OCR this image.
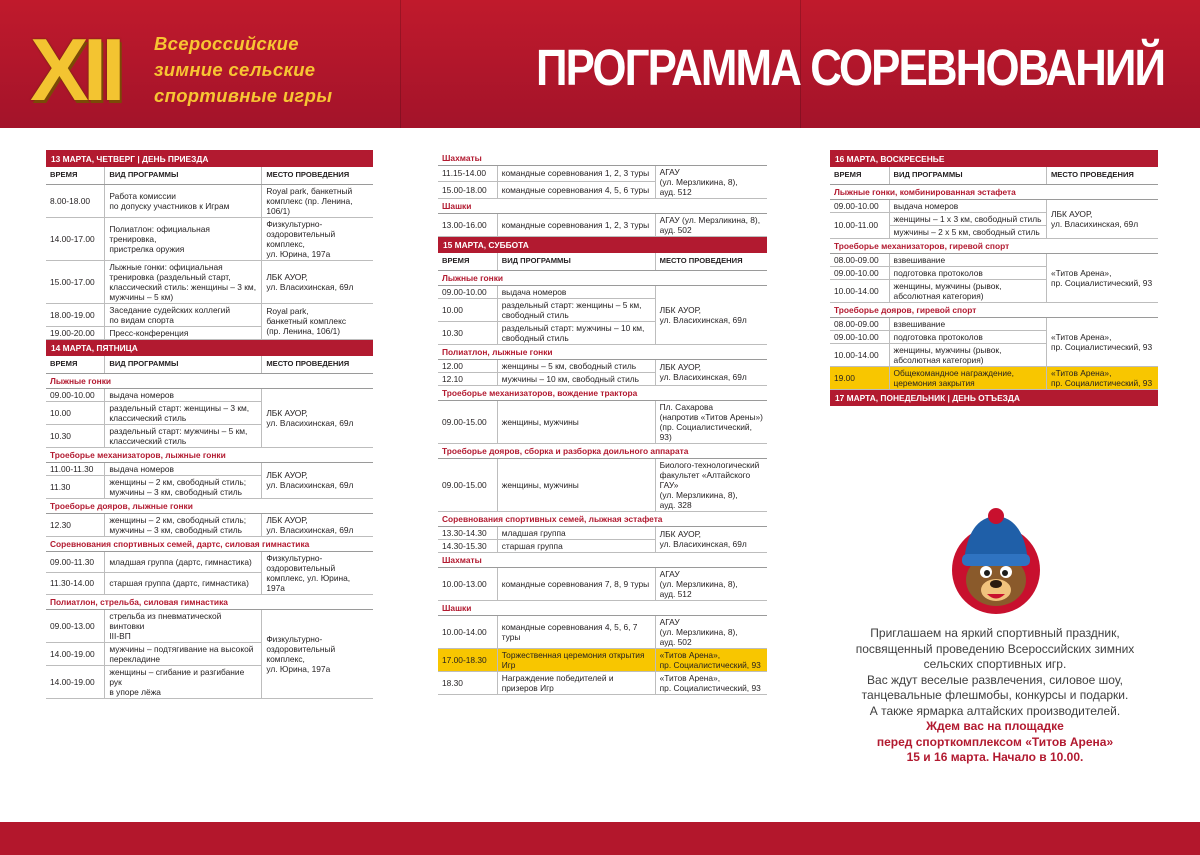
XII	Всероссийские
зимние сельские
спортивные игры	ПРОГРАММА СОРЕВНОВАНИЙ
13 МАРТА, ЧЕТВЕРГ | ДЕНЬ ПРИЕЗДА		
ВРЕМЯ	ВИД ПРОГРАММЫ	МЕСТО ПРОВЕДЕНИЯ
8.00-18.00	Работа комиссии
по допуску участников к Играм	Royal park, банкетный
комплекс (пр. Ленина, 106/1)
14.00-17.00	Полиатлон: официальная тренировка,
пристрелка оружия	Физкультурно-
оздоровительный
комплекс,
ул. Юрина, 197а
15.00-17.00	Лыжные гонки: официальная
тренировка (раздельный старт,
классический стиль: женщины – 3 км,
мужчины – 5 км)	ЛБК АУОР,
ул. Власихинская, 69л
18.00-19.00	Заседание судейских коллегий
по видам спорта	Royal park,
банкетный комплекс
(пр. Ленина, 106/1)
19.00-20.00	Пресс-конференция	
14 МАРТА, ПЯТНИЦА		
ВРЕМЯ	ВИД ПРОГРАММЫ	МЕСТО ПРОВЕДЕНИЯ
Лыжные гонки		
09.00-10.00	выдача номеров	ЛБК АУОР,
ул. Власихинская, 69л
10.00	раздельный старт: женщины – 3 км,
классический стиль	
10.30	раздельный старт: мужчины – 5 км,
классический стиль	
Троеборье механизаторов, лыжные гонки		
11.00-11.30	выдача номеров	ЛБК АУОР,
ул. Власихинская, 69л
11.30	женщины – 2 км, свободный стиль;
мужчины – 3 км, свободный стиль	
Троеборье дояров, лыжные гонки		
12.30	женщины – 2 км, свободный стиль;
мужчины – 3 км, свободный стиль	ЛБК АУОР,
ул. Власихинская, 69л
Соревнования спортивных семей, дартс, силовая гимнастика		
09.00-11.30	младшая группа (дартс, гимнастика)	Физкультурно-
оздоровительный
комплекс, ул. Юрина, 197а
11.30-14.00	старшая группа (дартс, гимнастика)	
Полиатлон, стрельба, силовая гимнастика		
09.00-13.00	стрельба из пневматической винтовки
III-ВП	Физкультурно-
оздоровительный
комплекс,
ул. Юрина, 197а
14.00-19.00	мужчины – подтягивание на высокой
перекладине	
14.00-19.00	женщины – сгибание и разгибание рук
в упоре лёжа	
Шахматы		
11.15-14.00	командные соревнования 1, 2, 3 туры	АГАУ
(ул. Мерзликина, 8),
ауд. 512
15.00-18.00	командные соревнования 4, 5, 6 туры	
Шашки		
13.00-16.00	командные соревнования 1, 2, 3 туры	АГАУ (ул. Мерзликина, 8),
ауд. 502
15 МАРТА, СУББОТА		
ВРЕМЯ	ВИД ПРОГРАММЫ	МЕСТО ПРОВЕДЕНИЯ
Лыжные гонки		
09.00-10.00	выдача номеров	ЛБК АУОР,
ул. Власихинская, 69л
10.00	раздельный старт: женщины – 5 км,
свободный стиль	
10.30	раздельный старт: мужчины – 10 км,
свободный стиль	
Полиатлон, лыжные гонки		
12.00	женщины – 5 км, свободный стиль	ЛБК АУОР,
ул. Власихинская, 69л
12.10	мужчины – 10 км, свободный стиль	
Троеборье механизаторов, вождение трактора		
09.00-15.00	женщины, мужчины	Пл. Сахарова
(напротив «Титов Арены»)
(пр. Социалистический, 93)
Троеборье дояров, сборка и разборка доильного аппарата		
09.00-15.00	женщины, мужчины	Биолого-технологический
факультет «Алтайского ГАУ»
(ул. Мерзликина, 8),
ауд. 328
Соревнования спортивных семей, лыжная эстафета		
13.30-14.30	младшая группа	ЛБК АУОР,
ул. Власихинская, 69л
14.30-15.30	старшая группа	
Шахматы		
10.00-13.00	командные соревнования 7, 8, 9 туры	АГАУ
(ул. Мерзликина, 8),
ауд. 512
Шашки		
10.00-14.00	командные соревнования 4, 5, 6, 7 туры	АГАУ
(ул. Мерзликина, 8),
ауд. 502
17.00-18.30	Торжественная церемония открытия Игр	«Титов Арена»,
пр. Социалистический, 93
18.30	Награждение победителей и призеров Игр	«Титов Арена»,
пр. Социалистический, 93
16 МАРТА, ВОСКРЕСЕНЬЕ		
ВРЕМЯ	ВИД ПРОГРАММЫ	МЕСТО ПРОВЕДЕНИЯ
Лыжные гонки, комбинированная эстафета		
09.00-10.00	выдача номеров	ЛБК АУОР,
ул. Власихинская, 69л
10.00-11.00	женщины – 1 х 3 км, свободный стиль	
	мужчины – 2 х 5 км, свободный стиль	
Троеборье механизаторов, гиревой спорт		
08.00-09.00	взвешивание	«Титов Арена»,
пр. Социалистический, 93
09.00-10.00	подготовка протоколов	
10.00-14.00	женщины, мужчины (рывок,
абсолютная категория)	
Троеборье дояров, гиревой спорт		
08.00-09.00	взвешивание	«Титов Арена»,
пр. Социалистический, 93
09.00-10.00	подготовка протоколов	
10.00-14.00	женщины, мужчины (рывок,
абсолютная категория)	
19.00	Общекомандное награждение,
церемония закрытия	«Титов Арена»,
пр. Социалистический, 93
17 МАРТА, ПОНЕДЕЛЬНИК | ДЕНЬ ОТЪЕЗДА		
Приглашаем на яркий спортивный праздник,
посвященный проведению Всероссийских зимних
сельских спортивных игр.
Вас ждут веселые развлечения, силовое шоу,
танцевальные флешмобы, конкурсы и подарки.
А также ярмарка алтайских производителей.
Ждем вас на площадке
перед спорткомплексом «Титов Арена»
15 и 16 марта. Начало в 10.00.
